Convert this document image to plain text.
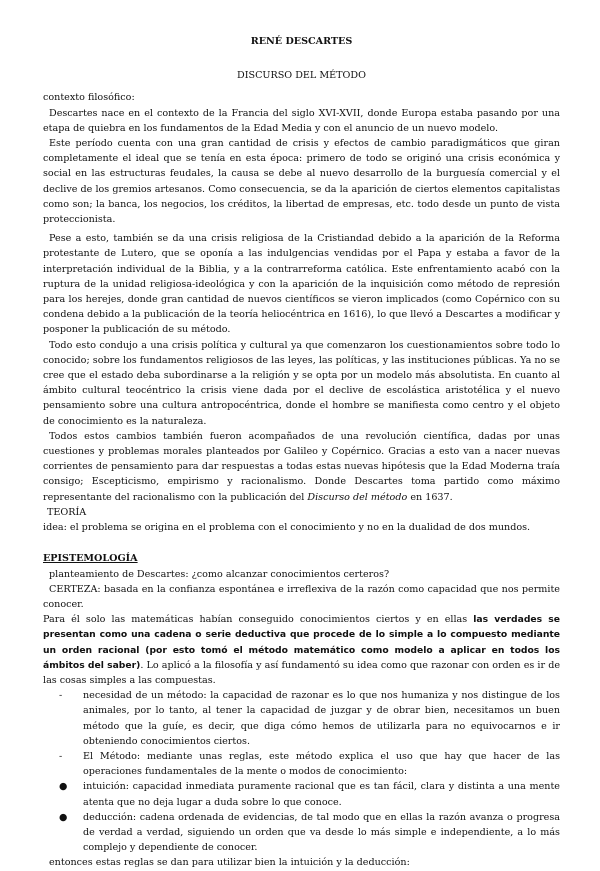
RENÉ DESCARTES

DISCURSO DEL MÉTODO

contexto filosófico:

Descartes nace en el contexto de la Francia del siglo XVI-XVII, donde Europa estaba pasando por una etapa de quiebra en los fundamentos de la Edad Media y con el anuncio de un nuevo modelo.

Este período cuenta con una gran cantidad de crisis y efectos de cambio paradigmáticos que giran completamente el ideal que se tenía en esta época: primero de todo se originó una crisis económica y social en las estructuras feudales, la causa se debe al nuevo desarrollo de la burguesía comercial y el declive de los gremios artesanos. Como consecuencia, se da la aparición de ciertos elementos capitalistas como son; la banca, los negocios, los créditos, la libertad de empresas, etc. todo desde un punto de vista proteccionista.

Pese a esto, también se da una crisis religiosa de la Cristiandad debido a la aparición de la Reforma protestante de Lutero, que se oponía a las indulgencias vendidas por el Papa y estaba a favor de la interpretación individual de la Biblia, y a la contrarreforma católica. Este enfrentamiento acabó con la ruptura de la unidad religiosa-ideológica y con la aparición de la inquisición como método de represión para los herejes, donde gran cantidad de nuevos científicos se vieron implicados (como Copérnico con su condena debido a la publicación de la teoría heliocéntrica en 1616), lo que llevó a Descartes a modificar y posponer la publicación de su método.

Todo esto condujo a una crisis política y cultural ya que comenzaron los cuestionamientos sobre todo lo conocido; sobre los fundamentos religiosos de las leyes, las políticas, y las instituciones públicas. Ya no se cree que el estado deba subordinarse a la religión y se opta por un modelo más absolutista. En cuanto al ámbito cultural teocéntrico la crisis viene dada por el declive de escolástica aristotélica y el nuevo pensamiento sobre una cultura antropocéntrica, donde el hombre se manifiesta como centro y el objeto de conocimiento es la naturaleza.

Todos estos cambios también fueron acompañados de una revolución científica, dadas por unas cuestiones y problemas morales planteados por Galileo y Copérnico. Gracias a esto van a nacer nuevas corrientes de pensamiento para dar respuestas a todas estas nuevas hipótesis que la Edad Moderna traía consigo; Escepticismo, empirismo y racionalismo. Donde Descartes toma partido como máximo representante del racionalismo con la publicación del Discurso del método en 1637.

TEORÍA

idea: el problema se origina en el problema con el conocimiento y no en la dualidad de dos mundos.

EPISTEMOLOGÍA

planteamiento de Descartes: ¿como alcanzar conocimientos certeros?

CERTEZA: basada en la confianza espontánea e irreflexiva de la razón como capacidad que nos permite conocer.

Para él solo las matemáticas habían conseguido conocimientos ciertos y en ellas las verdades se presentan como una cadena o serie deductiva que procede de lo simple a lo compuesto mediante un orden racional (por esto tomó el método matemático como modelo a aplicar en todos los ámbitos del saber). Lo aplicó a la filosofía y así fundamentó su idea como que razonar con orden es ir de las cosas simples a las compuestas.

- necesidad de un método: la capacidad de razonar es lo que nos humaniza y nos distingue de los animales, por lo tanto, al tener la capacidad de juzgar y de obrar bien, necesitamos un buen método que la guíe, es decir, que diga cómo hemos de utilizarla para no equivocarnos e ir obteniendo conocimientos ciertos.
- El Método: mediante unas reglas, este método explica el uso que hay que hacer de las operaciones fundamentales de la mente o modos de conocimiento:
● intuición: capacidad inmediata puramente racional que es tan fácil, clara y distinta a una mente atenta que no deja lugar a duda sobre lo que conoce.
● deducción: cadena ordenada de evidencias, de tal modo que en ellas la razón avanza o progresa de verdad a verdad, siguiendo un orden que va desde lo más simple e independiente, a lo más complejo y dependiente de conocer.

entonces estas reglas se dan para utilizar bien la intuición y la deducción:
